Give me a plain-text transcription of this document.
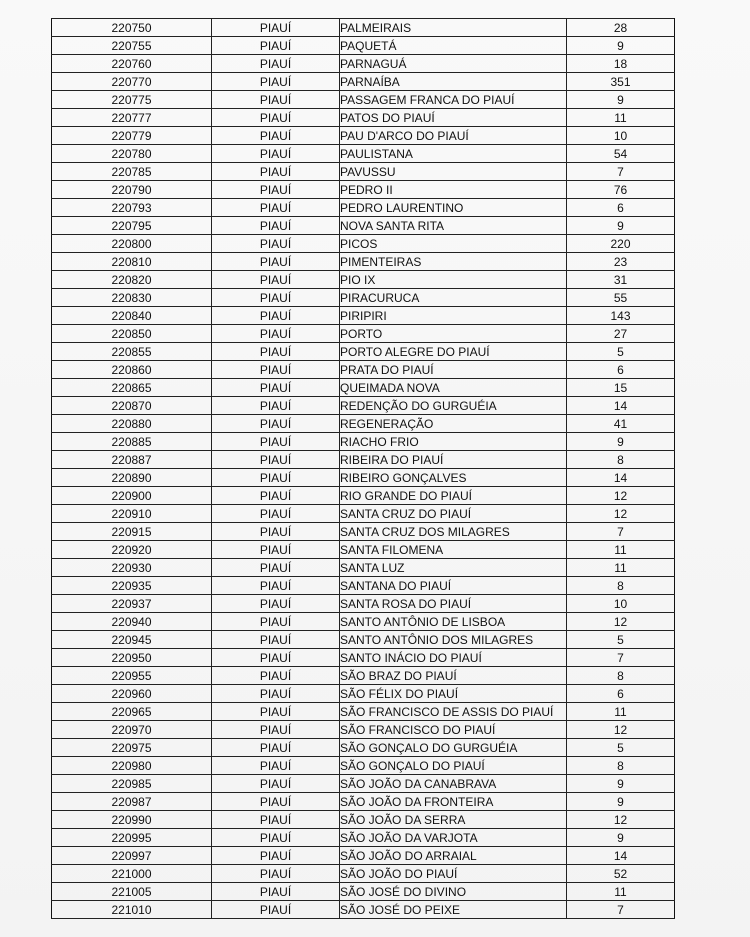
220750	PIAUÍ	PALMEIRAIS	28
220755	PIAUÍ	PAQUETÁ	9
220760	PIAUÍ	PARNAGUÁ	18
220770	PIAUÍ	PARNAÍBA	351
220775	PIAUÍ	PASSAGEM FRANCA DO PIAUÍ	9
220777	PIAUÍ	PATOS DO PIAUÍ	11
220779	PIAUÍ	PAU D'ARCO DO PIAUÍ	10
220780	PIAUÍ	PAULISTANA	54
220785	PIAUÍ	PAVUSSU	7
220790	PIAUÍ	PEDRO II	76
220793	PIAUÍ	PEDRO LAURENTINO	6
220795	PIAUÍ	NOVA SANTA RITA	9
220800	PIAUÍ	PICOS	220
220810	PIAUÍ	PIMENTEIRAS	23
220820	PIAUÍ	PIO IX	31
220830	PIAUÍ	PIRACURUCA	55
220840	PIAUÍ	PIRIPIRI	143
220850	PIAUÍ	PORTO	27
220855	PIAUÍ	PORTO ALEGRE DO PIAUÍ	5
220860	PIAUÍ	PRATA DO PIAUÍ	6
220865	PIAUÍ	QUEIMADA NOVA	15
220870	PIAUÍ	REDENÇÃO DO GURGUÉIA	14
220880	PIAUÍ	REGENERAÇÃO	41
220885	PIAUÍ	RIACHO FRIO	9
220887	PIAUÍ	RIBEIRA DO PIAUÍ	8
220890	PIAUÍ	RIBEIRO GONÇALVES	14
220900	PIAUÍ	RIO GRANDE DO PIAUÍ	12
220910	PIAUÍ	SANTA CRUZ DO PIAUÍ	12
220915	PIAUÍ	SANTA CRUZ DOS MILAGRES	7
220920	PIAUÍ	SANTA FILOMENA	11
220930	PIAUÍ	SANTA LUZ	11
220935	PIAUÍ	SANTANA DO PIAUÍ	8
220937	PIAUÍ	SANTA ROSA DO PIAUÍ	10
220940	PIAUÍ	SANTO ANTÔNIO DE LISBOA	12
220945	PIAUÍ	SANTO ANTÔNIO DOS MILAGRES	5
220950	PIAUÍ	SANTO INÁCIO DO PIAUÍ	7
220955	PIAUÍ	SÃO BRAZ DO PIAUÍ	8
220960	PIAUÍ	SÃO FÉLIX DO PIAUÍ	6
220965	PIAUÍ	SÃO FRANCISCO DE ASSIS DO PIAUÍ	11
220970	PIAUÍ	SÃO FRANCISCO DO PIAUÍ	12
220975	PIAUÍ	SÃO GONÇALO DO GURGUÉIA	5
220980	PIAUÍ	SÃO GONÇALO DO PIAUÍ	8
220985	PIAUÍ	SÃO JOÃO DA CANABRAVA	9
220987	PIAUÍ	SÃO JOÃO DA FRONTEIRA	9
220990	PIAUÍ	SÃO JOÃO DA SERRA	12
220995	PIAUÍ	SÃO JOÃO DA VARJOTA	9
220997	PIAUÍ	SÃO JOÃO DO ARRAIAL	14
221000	PIAUÍ	SÃO JOÃO DO PIAUÍ	52
221005	PIAUÍ	SÃO JOSÉ DO DIVINO	11
221010	PIAUÍ	SÃO JOSÉ DO PEIXE	7
